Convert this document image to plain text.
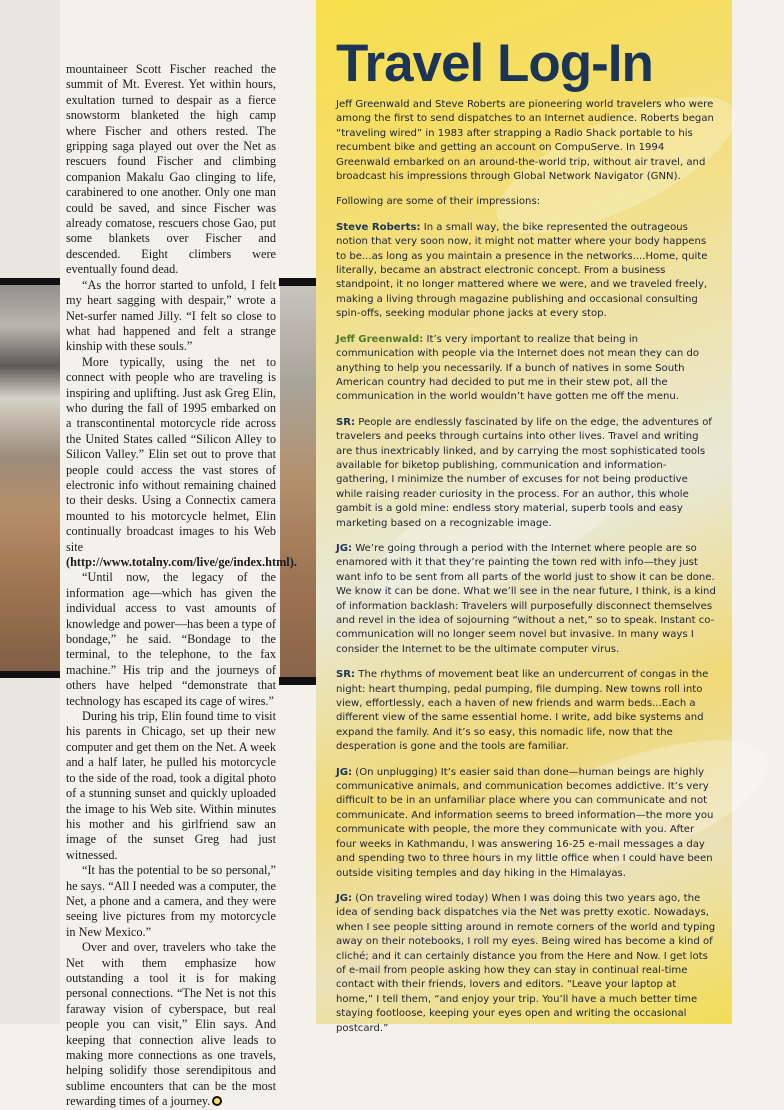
mountaineer Scott Fischer reached the summit of Mt. Everest. Yet within hours, exultation turned to despair as a fierce snowstorm blanketed the high camp where Fischer and others rested. The gripping saga played out over the Net as rescuers found Fischer and climbing companion Makalu Gao clinging to life, carabinered to one another. Only one man could be saved, and since Fischer was already comatose, rescuers chose Gao, put some blankets over Fischer and descended. Eight climbers were eventually found dead.

“As the horror started to unfold, I felt my heart sagging with despair,” wrote a Net-surfer named Jilly. “I felt so close to what had happened and felt a strange kinship with these souls.”

More typically, using the net to connect with people who are traveling is inspiring and uplifting. Just ask Greg Elin, who during the fall of 1995 embarked on a transcontinental motorcycle ride across the United States called “Silicon Alley to Silicon Valley.” Elin set out to prove that people could access the vast stores of electronic info without remaining chained to their desks. Using a Connectix camera mounted to his motorcycle helmet, Elin continually broadcast images to his Web site (http://www.totalny.com/live/ge/index.html).

“Until now, the legacy of the information age—which has given the individual access to vast amounts of knowledge and power—has been a type of bondage,” he said. “Bondage to the terminal, to the telephone, to the fax machine.” His trip and the journeys of others have helped “demonstrate that technology has escaped its cage of wires.”

During his trip, Elin found time to visit his parents in Chicago, set up their new computer and get them on the Net. A week and a half later, he pulled his motorcycle to the side of the road, took a digital photo of a stunning sunset and quickly uploaded the image to his Web site. Within minutes his mother and his girlfriend saw an image of the sunset Greg had just witnessed.

“It has the potential to be so personal,” he says. “All I needed was a computer, the Net, a phone and a camera, and they were seeing live pictures from my motorcycle in New Mexico.”

Over and over, travelers who take the Net with them emphasize how outstanding a tool it is for making personal connections. “The Net is not this faraway vision of cyberspace, but real people you can visit,” Elin says. And keeping that connection alive leads to making more connections as one travels, helping solidify those serendipitous and sublime encounters that can be the most rewarding times of a journey.

Travel Log-In

Jeff Greenwald and Steve Roberts are pioneering world travelers who were among the first to send dispatches to an Internet audience. Roberts began “traveling wired” in 1983 after strapping a Radio Shack portable to his recumbent bike and getting an account on CompuServe. In 1994 Greenwald embarked on an around-the-world trip, without air travel, and broadcast his impressions through Global Network Navigator (GNN).

Following are some of their impressions:

Steve Roberts: In a small way, the bike represented the outrageous notion that very soon now, it might not matter where your body happens to be...as long as you maintain a presence in the networks....Home, quite literally, became an abstract electronic concept. From a business standpoint, it no longer mattered where we were, and we traveled freely, making a living through magazine publishing and occasional consulting spin-offs, seeking modular phone jacks at every stop.

Jeff Greenwald: It’s very important to realize that being in communication with people via the Internet does not mean they can do anything to help you necessarily. If a bunch of natives in some South American country had decided to put me in their stew pot, all the communication in the world wouldn’t have gotten me off the menu.

SR: People are endlessly fascinated by life on the edge, the adventures of travelers and peeks through curtains into other lives. Travel and writing are thus inextricably linked, and by carrying the most sophisticated tools available for biketop publishing, communication and information-gathering, I minimize the number of excuses for not being productive while raising reader curiosity in the process. For an author, this whole gambit is a gold mine: endless story material, superb tools and easy marketing based on a recognizable image.

JG: We’re going through a period with the Internet where people are so enamored with it that they’re painting the town red with info—they just want info to be sent from all parts of the world just to show it can be done. We know it can be done. What we’ll see in the near future, I think, is a kind of information backlash: Travelers will purposefully disconnect themselves and revel in the idea of sojourning “without a net,” so to speak. Instant co-communication will no longer seem novel but invasive. In many ways I consider the Internet to be the ultimate computer virus.

SR: The rhythms of movement beat like an undercurrent of congas in the night: heart thumping, pedal pumping, file dumping. New towns roll into view, effortlessly, each a haven of new friends and warm beds...Each a different view of the same essential home. I write, add bike systems and expand the family. And it’s so easy, this nomadic life, now that the desperation is gone and the tools are familiar.

JG: (On unplugging) It’s easier said than done—human beings are highly communicative animals, and communication becomes addictive. It’s very difficult to be in an unfamiliar place where you can communicate and not communicate. And information seems to breed information—the more you communicate with people, the more they communicate with you. After four weeks in Kathmandu, I was answering 16-25 e-mail messages a day and spending two to three hours in my little office when I could have been outside visiting temples and day hiking in the Himalayas.

JG: (On traveling wired today) When I was doing this two years ago, the idea of sending back dispatches via the Net was pretty exotic. Nowadays, when I see people sitting around in remote corners of the world and typing away on their notebooks, I roll my eyes. Being wired has become a kind of cliché; and it can certainly distance you from the Here and Now. I get lots of e-mail from people asking how they can stay in continual real-time contact with their friends, lovers and editors. “Leave your laptop at home,” I tell them, “and enjoy your trip. You’ll have a much better time staying footloose, keeping your eyes open and writing the occasional postcard.”
